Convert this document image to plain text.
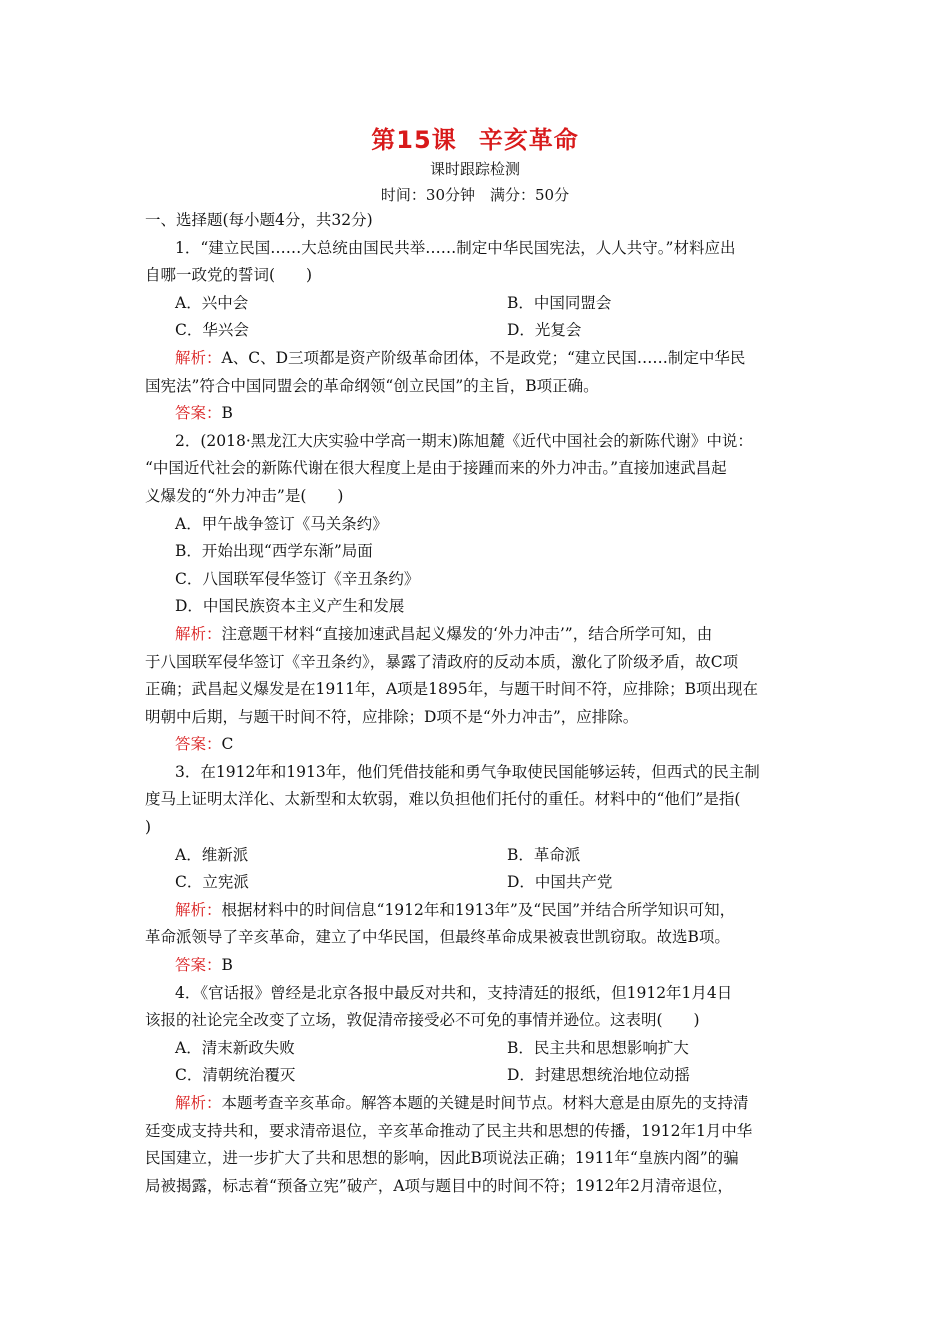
第15课 辛亥革命
课时跟踪检测
时间：30分钟　满分：50分
一、选择题(每小题4分，共32分)
1．“建立民国……大总统由国民共举……制定中华民国宪法，人人共守。”材料应出
自哪一政党的誓词(　　)
A．兴中会	B．中国同盟会
C．华兴会	D．光复会
解析：A、C、D三项都是资产阶级革命团体，不是政党；“建立民国……制定中华民
国宪法”符合中国同盟会的革命纲领“创立民国”的主旨，B项正确。
答案：B
2．(2018·黑龙江大庆实验中学高一期末)陈旭麓《近代中国社会的新陈代谢》中说：
“中国近代社会的新陈代谢在很大程度上是由于接踵而来的外力冲击。”直接加速武昌起
义爆发的“外力冲击”是(　　)
A．甲午战争签订《马关条约》
B．开始出现“西学东渐”局面
C．八国联军侵华签订《辛丑条约》
D．中国民族资本主义产生和发展
解析：注意题干材料“直接加速武昌起义爆发的‘外力冲击’”，结合所学可知，由
于八国联军侵华签订《辛丑条约》，暴露了清政府的反动本质，激化了阶级矛盾，故C项
正确；武昌起义爆发是在1911年，A项是1895年，与题干时间不符，应排除；B项出现在
明朝中后期，与题干时间不符，应排除；D项不是“外力冲击”，应排除。
答案：C
3．在1912年和1913年，他们凭借技能和勇气争取使民国能够运转，但西式的民主制
度马上证明太洋化、太新型和太软弱，难以负担他们托付的重任。材料中的“他们”是指(
)
A．维新派	B．革命派
C．立宪派	D．中国共产党
解析：根据材料中的时间信息“1912年和1913年”及“民国”并结合所学知识可知，
革命派领导了辛亥革命，建立了中华民国，但最终革命成果被袁世凯窃取。故选B项。
答案：B
4．《官话报》曾经是北京各报中最反对共和，支持清廷的报纸，但1912年1月4日
该报的社论完全改变了立场，敦促清帝接受必不可免的事情并逊位。这表明(　　)
A．清末新政失败	B．民主共和思想影响扩大
C．清朝统治覆灭	D．封建思想统治地位动摇
解析：本题考查辛亥革命。解答本题的关键是时间节点。材料大意是由原先的支持清
廷变成支持共和，要求清帝退位，辛亥革命推动了民主共和思想的传播，1912年1月中华
民国建立，进一步扩大了共和思想的影响，因此B项说法正确；1911年“皇族内阁”的骗
局被揭露，标志着“预备立宪”破产，A项与题目中的时间不符；1912年2月清帝退位，
